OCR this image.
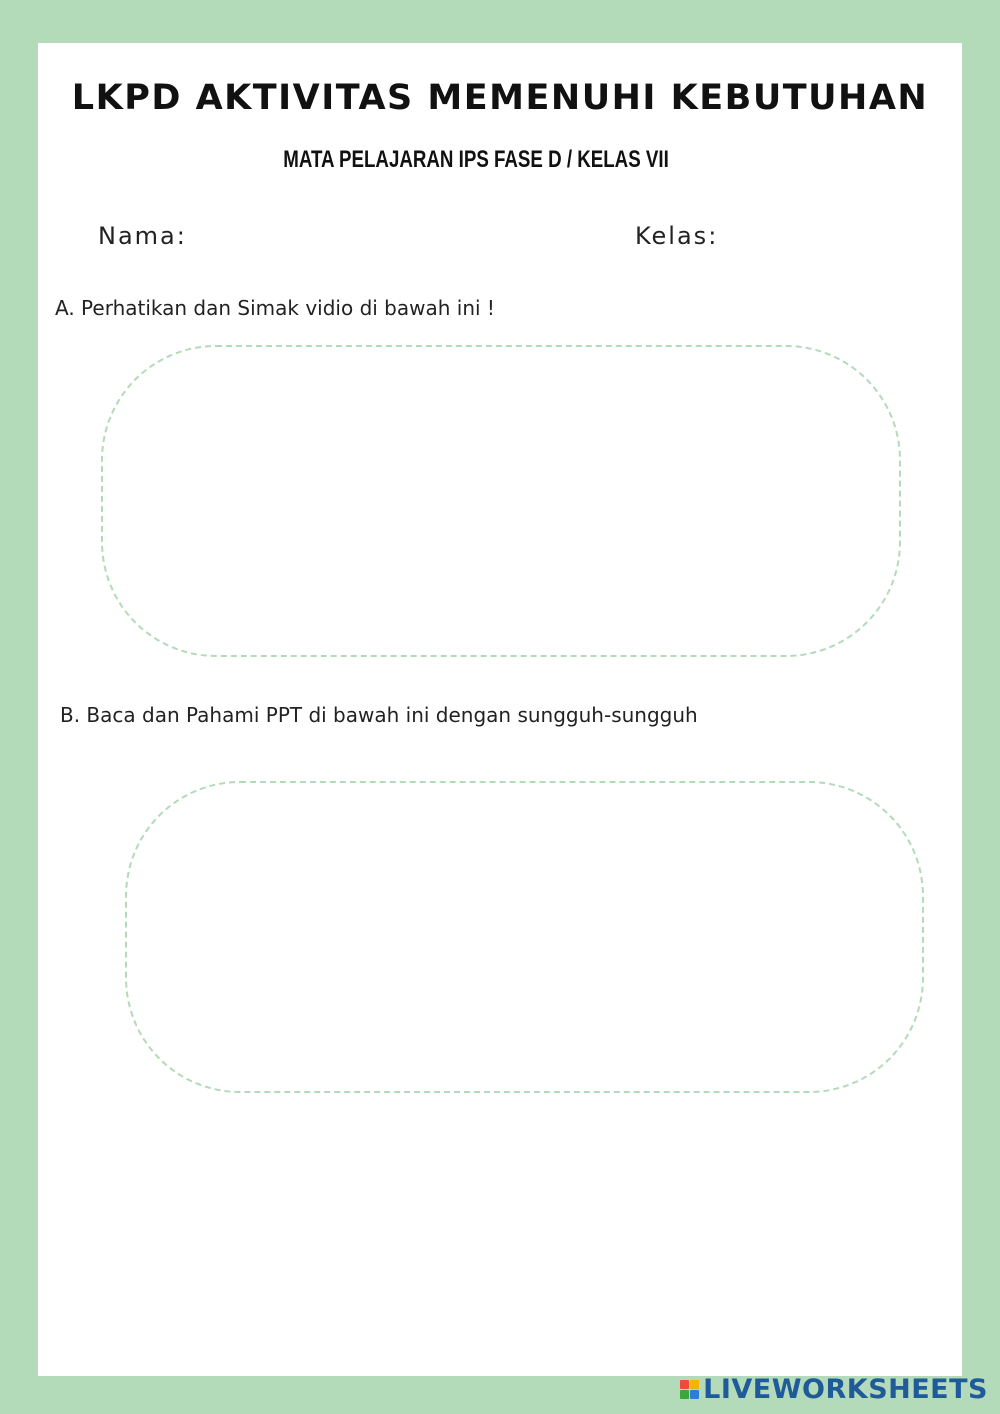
LKPD AKTIVITAS MEMENUHI KEBUTUHAN
MATA PELAJARAN IPS FASE D / KELAS VII
Nama:	Kelas:
A. Perhatikan dan Simak vidio di bawah ini !
B. Baca dan Pahami PPT di bawah ini dengan sungguh-sungguh
LIVEWORKSHEETS
